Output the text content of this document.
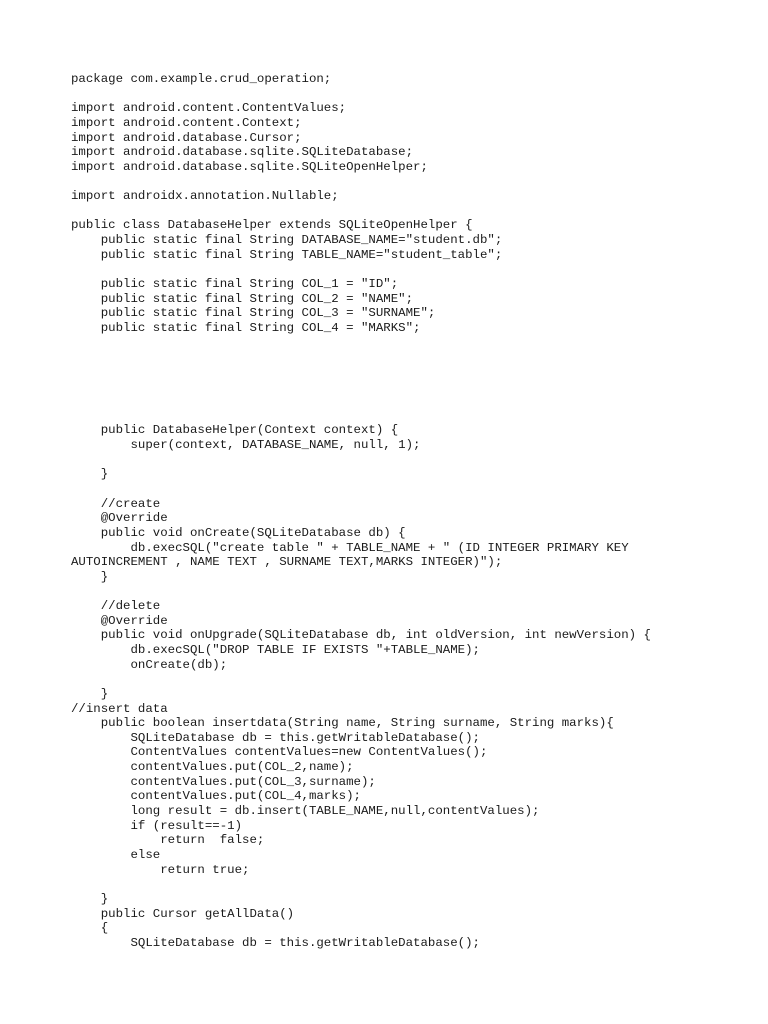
package com.example.crud_operation;
import android.content.ContentValues;
import android.content.Context;
import android.database.Cursor;
import android.database.sqlite.SQLiteDatabase;
import android.database.sqlite.SQLiteOpenHelper;
import androidx.annotation.Nullable;
public class DatabaseHelper extends SQLiteOpenHelper {
public static final String DATABASE_NAME="student.db";
public static final String TABLE_NAME="student_table";
public static final String COL_1 = "ID";
public static final String COL_2 = "NAME";
public static final String COL_3 = "SURNAME";
public static final String COL_4 = "MARKS";
public DatabaseHelper(Context context) {
super(context, DATABASE_NAME, null, 1);
}
//create
@Override
public void onCreate(SQLiteDatabase db) {
db.execSQL("create table " + TABLE_NAME + " (ID INTEGER PRIMARY KEY
AUTOINCREMENT , NAME TEXT , SURNAME TEXT,MARKS INTEGER)");
}
//delete
@Override
public void onUpgrade(SQLiteDatabase db, int oldVersion, int newVersion) {
db.execSQL("DROP TABLE IF EXISTS "+TABLE_NAME);
onCreate(db);
}
//insert data
public boolean insertdata(String name, String surname, String marks){
SQLiteDatabase db = this.getWritableDatabase();
ContentValues contentValues=new ContentValues();
contentValues.put(COL_2,name);
contentValues.put(COL_3,surname);
contentValues.put(COL_4,marks);
long result = db.insert(TABLE_NAME,null,contentValues);
if (result==-1)
return  false;
else
return true;
}
public Cursor getAllData()
{
SQLiteDatabase db = this.getWritableDatabase();
